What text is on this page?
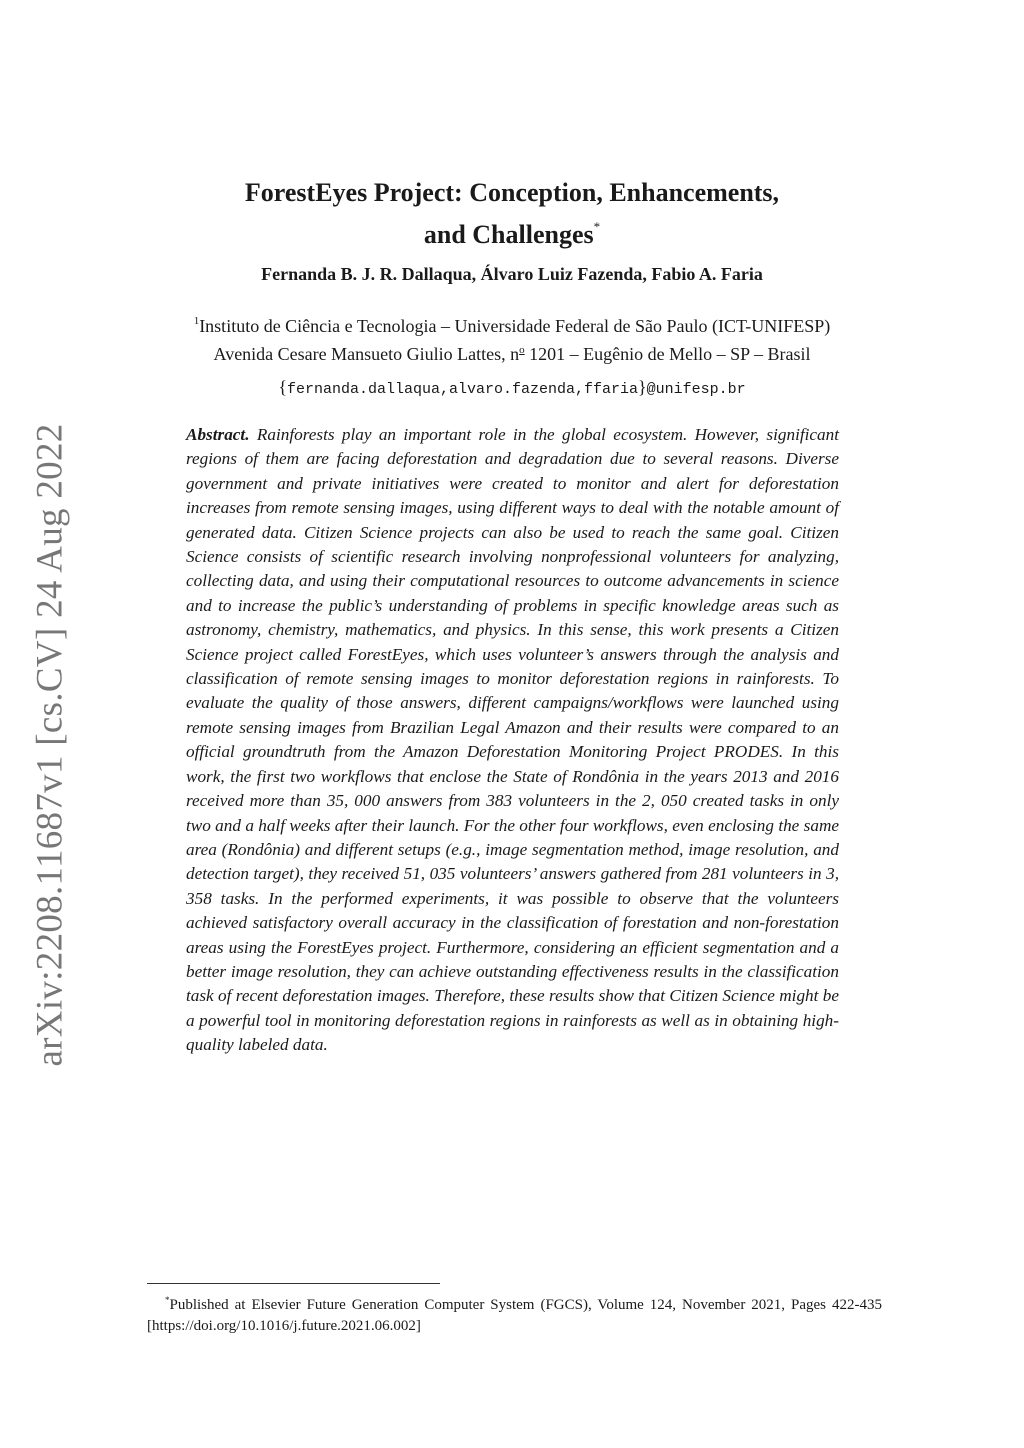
arXiv:2208.11687v1 [cs.CV] 24 Aug 2022
ForestEyes Project: Conception, Enhancements,
and Challenges*
Fernanda B. J. R. Dallaqua, Álvaro Luiz Fazenda, Fabio A. Faria
$^1$Instituto de Ciência e Tecnologia – Universidade Federal de São Paulo (ICT-UNIFESP)
Avenida Cesare Mansueto Giulio Lattes, $n^o$ 1201 – Eugênio de Mello – SP – Brasil
{fernanda.dallaqua,alvaro.fazenda,ffaria}@unifesp.br

Abstract. Rainforests play an important role in the global ecosystem. However, significant regions of them are facing deforestation and degradation due to several reasons. Diverse government and private initiatives were created to monitor and alert for deforestation increases from remote sensing images, using different ways to deal with the notable amount of generated data. Citizen Science projects can also be used to reach the same goal. Citizen Science consists of scientific research involving nonprofessional volunteers for analyzing, collecting data, and using their computational resources to outcome advancements in science and to increase the public’s understanding of problems in specific knowledge areas such as astronomy, chemistry, mathematics, and physics. In this sense, this work presents a Citizen Science project called ForestEyes, which uses volunteer’s answers through the analysis and classification of remote sensing images to monitor deforestation regions in rainforests. To evaluate the quality of those answers, different campaigns/workflows were launched using remote sensing images from Brazilian Legal Amazon and their results were compared to an official groundtruth from the Amazon Deforestation Monitoring Project PRODES. In this work, the first two workflows that enclose the State of Rondônia in the years 2013 and 2016 received more than 35, 000 answers from 383 volunteers in the 2, 050 created tasks in only two and a half weeks after their launch. For the other four workflows, even enclosing the same area (Rondônia) and different setups (e.g., image segmentation method, image resolution, and detection target), they received 51, 035 volunteers’ answers gathered from 281 volunteers in 3, 358 tasks. In the performed experiments, it was possible to observe that the volunteers achieved satisfactory overall accuracy in the classification of forestation and non-forestation areas using the ForestEyes project. Furthermore, considering an efficient segmentation and a better image resolution, they can achieve outstanding effectiveness results in the classification task of recent deforestation images. Therefore, these results show that Citizen Science might be a powerful tool in monitoring deforestation regions in rainforests as well as in obtaining high-quality labeled data.

*Published at Elsevier Future Generation Computer System (FGCS), Volume 124, November 2021, Pages 422-435 [https://doi.org/10.1016/j.future.2021.06.002]
